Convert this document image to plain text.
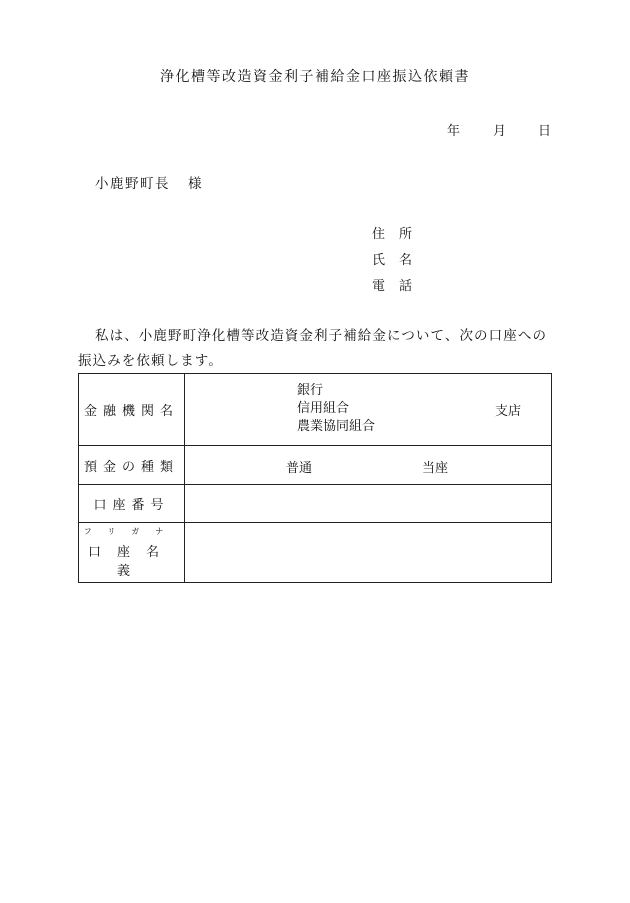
浄化槽等改造資金利子補給金口座振込依頼書
年	月 日
小鹿野町長 様
住 所
氏 名
電 話
私は、小鹿野町浄化槽等改造資金利子補給金について、次の口座への
振込みを依頼します。
金融機関名	銀行
信用組合
農業協同組合
支店

預金の種類	普通 当座

口座番号	

フリガナ
口座名義	
